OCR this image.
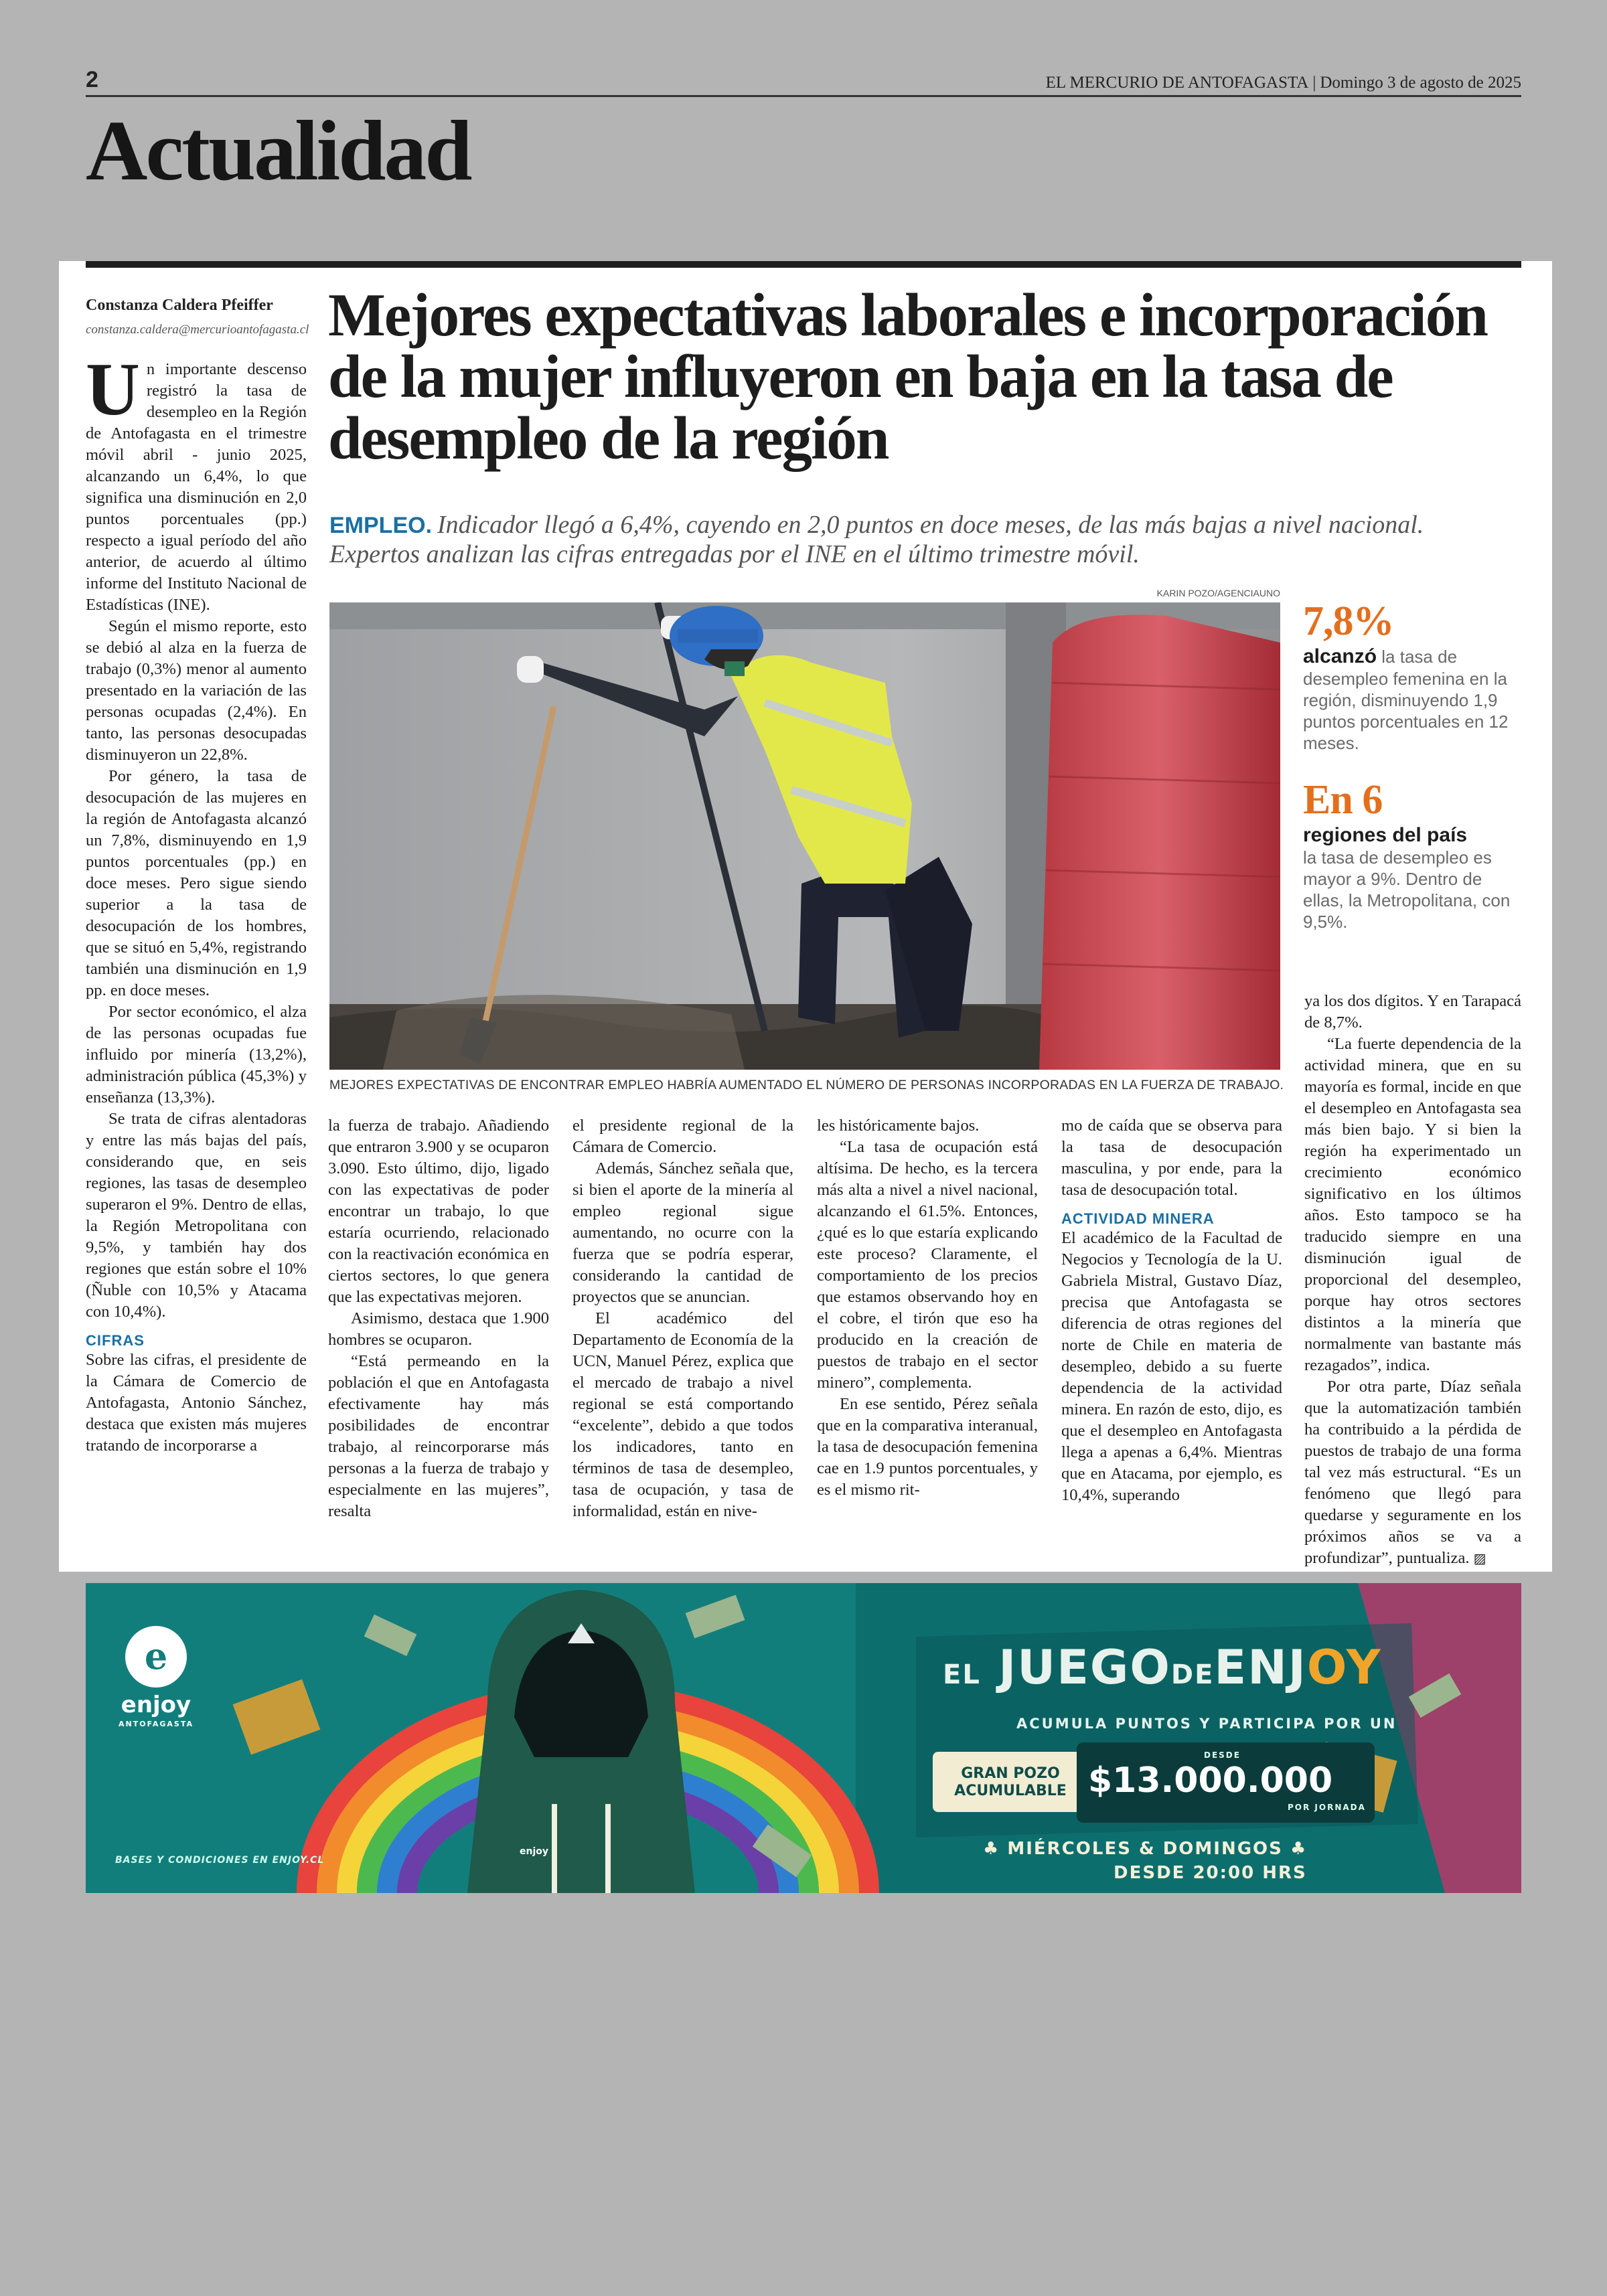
2	EL MERCURIO DE ANTOFAGASTA | Domingo 3 de agosto de 2025
Actualidad
Constanza Caldera Pfeiffer
constanza.caldera@mercurioantofagasta.cl Mejores expectativas laborales e incorporación de la mujer influyeron en baja en la tasa de desempleo de la región

EMPLEO. Indicador llegó a 6,4%, cayendo en 2,0 puntos en doce meses, de las más bajas a nivel nacional. Expertos analizan las cifras entregadas por el INE en el último trimestre móvil.

Un importante descenso registró la tasa de desempleo en la Región de Antofagasta en el trimestre móvil abril - junio 2025, alcanzando un 6,4%, lo que significa una disminución en 2,0 puntos porcentuales (pp.) respecto a igual período del año anterior, de acuerdo al último informe del Instituto Nacional de Estadísticas (INE).

Según el mismo reporte, esto se debió al alza en la fuerza de trabajo (0,3%) menor al aumento presentado en la variación de las personas ocupadas (2,4%). En tanto, las personas desocupadas disminuyeron un 22,8%.

Por género, la tasa de desocupación de las mujeres en la región de Antofagasta alcanzó un 7,8%, disminuyendo en 1,9 puntos porcentuales (pp.) en doce meses. Pero sigue siendo superior a la tasa de desocupación de los hombres, que se situó en 5,4%, registrando también una disminución en 1,9 pp. en doce meses.

Por sector económico, el alza de las personas ocupadas fue influido por minería (13,2%), administración pública (45,3%) y enseñanza (13,3%).

Se trata de cifras alentadoras y entre las más bajas del país, considerando que, en seis regiones, las tasas de desempleo superaron el 9%. Dentro de ellas, la Región Metropolitana con 9,5%, y también hay dos regiones que están sobre el 10% (Ñuble con 10,5% y Atacama con 10,4%).

CIFRAS

Sobre las cifras, el presidente de la Cámara de Comercio de Antofagasta, Antonio Sánchez, destaca que existen más mujeres tratando de incorporarse a

KARIN POZO/AGENCIAUNO
MEJORES EXPECTATIVAS DE ENCONTRAR EMPLEO HABRÍA AUMENTADO EL NÚMERO DE PERSONAS INCORPORADAS EN LA FUERZA DE TRABAJO.
7,8%
alcanzó la tasa de desempleo femenina en la región, disminuyendo 1,9 puntos porcentuales en 12 meses.
En 6
regiones del país
la tasa de desempleo es mayor a 9%. Dentro de ellas, la Metropolitana, con 9,5%.

la fuerza de trabajo. Añadiendo que entraron 3.900 y se ocuparon 3.090. Esto último, dijo, ligado con las expectativas de poder encontrar un trabajo, lo que estaría ocurriendo, relacionado con la reactivación económica en ciertos sectores, lo que genera que las expectativas mejoren.

Asimismo, destaca que 1.900 hombres se ocuparon.

“Está permeando en la población el que en Antofagasta efectivamente hay más posibilidades de encontrar trabajo, al reincorporarse más personas a la fuerza de trabajo y especialmente en las mujeres”, resalta

el presidente regional de la Cámara de Comercio.

Además, Sánchez señala que, si bien el aporte de la minería al empleo regional sigue aumentando, no ocurre con la fuerza que se podría esperar, considerando la cantidad de proyectos que se anuncian.

El académico del Departamento de Economía de la UCN, Manuel Pérez, explica que el mercado de trabajo a nivel regional se está comportando “excelente”, debido a que todos los indicadores, tanto en términos de tasa de desempleo, tasa de ocupación, y tasa de informalidad, están en nive-

les históricamente bajos.

“La tasa de ocupación está altísima. De hecho, es la tercera más alta a nivel a nivel nacional, alcanzando el 61.5%. Entonces, ¿qué es lo que estaría explicando este proceso? Claramente, el comportamiento de los precios que estamos observando hoy en el cobre, el tirón que eso ha producido en la creación de puestos de trabajo en el sector minero”, complementa.

En ese sentido, Pérez señala que en la comparativa interanual, la tasa de desocupación femenina cae en 1.9 puntos porcentuales, y es el mismo rit-

mo de caída que se observa para la tasa de desocupación masculina, y por ende, para la tasa de desocupación total.

ACTIVIDAD MINERA

El académico de la Facultad de Negocios y Tecnología de la U. Gabriela Mistral, Gustavo Díaz, precisa que Antofagasta se diferencia de otras regiones del norte de Chile en materia de desempleo, debido a su fuerte dependencia de la actividad minera. En razón de esto, dijo, es que el desempleo en Antofagasta llega a apenas a 6,4%. Mientras que en Atacama, por ejemplo, es 10,4%, superando

ya los dos dígitos. Y en Tarapacá de 8,7%.

“La fuerte dependencia de la actividad minera, que en su mayoría es formal, incide en que el desempleo en Antofagasta sea más bien bajo. Y si bien la región ha experimentado un crecimiento económico significativo en los últimos años. Esto tampoco se ha traducido siempre en una disminución igual de proporcional del desempleo, porque hay otros sectores distintos a la minería que normalmente van bastante más rezagados”, indica.

Por otra parte, Díaz señala que la automatización también ha contribuido a la pérdida de puestos de trabajo de una forma tal vez más estructural. “Es un fenómeno que llegó para quedarse y seguramente en los próximos años se va a profundizar”, puntualiza. ▨

e
enjoy
ANTOFAGASTA
EL JUEGODEENJOY
ACUMULA PUNTOS Y PARTICIPA POR UN
GRAN POZO ACUMULABLE
DESDE
$13.000.000
POR JORNADA
♣ MIÉRCOLES & DOMINGOS ♣
DESDE 20:00 HRS
enjoy
BASES Y CONDICIONES EN ENJOY.CL
